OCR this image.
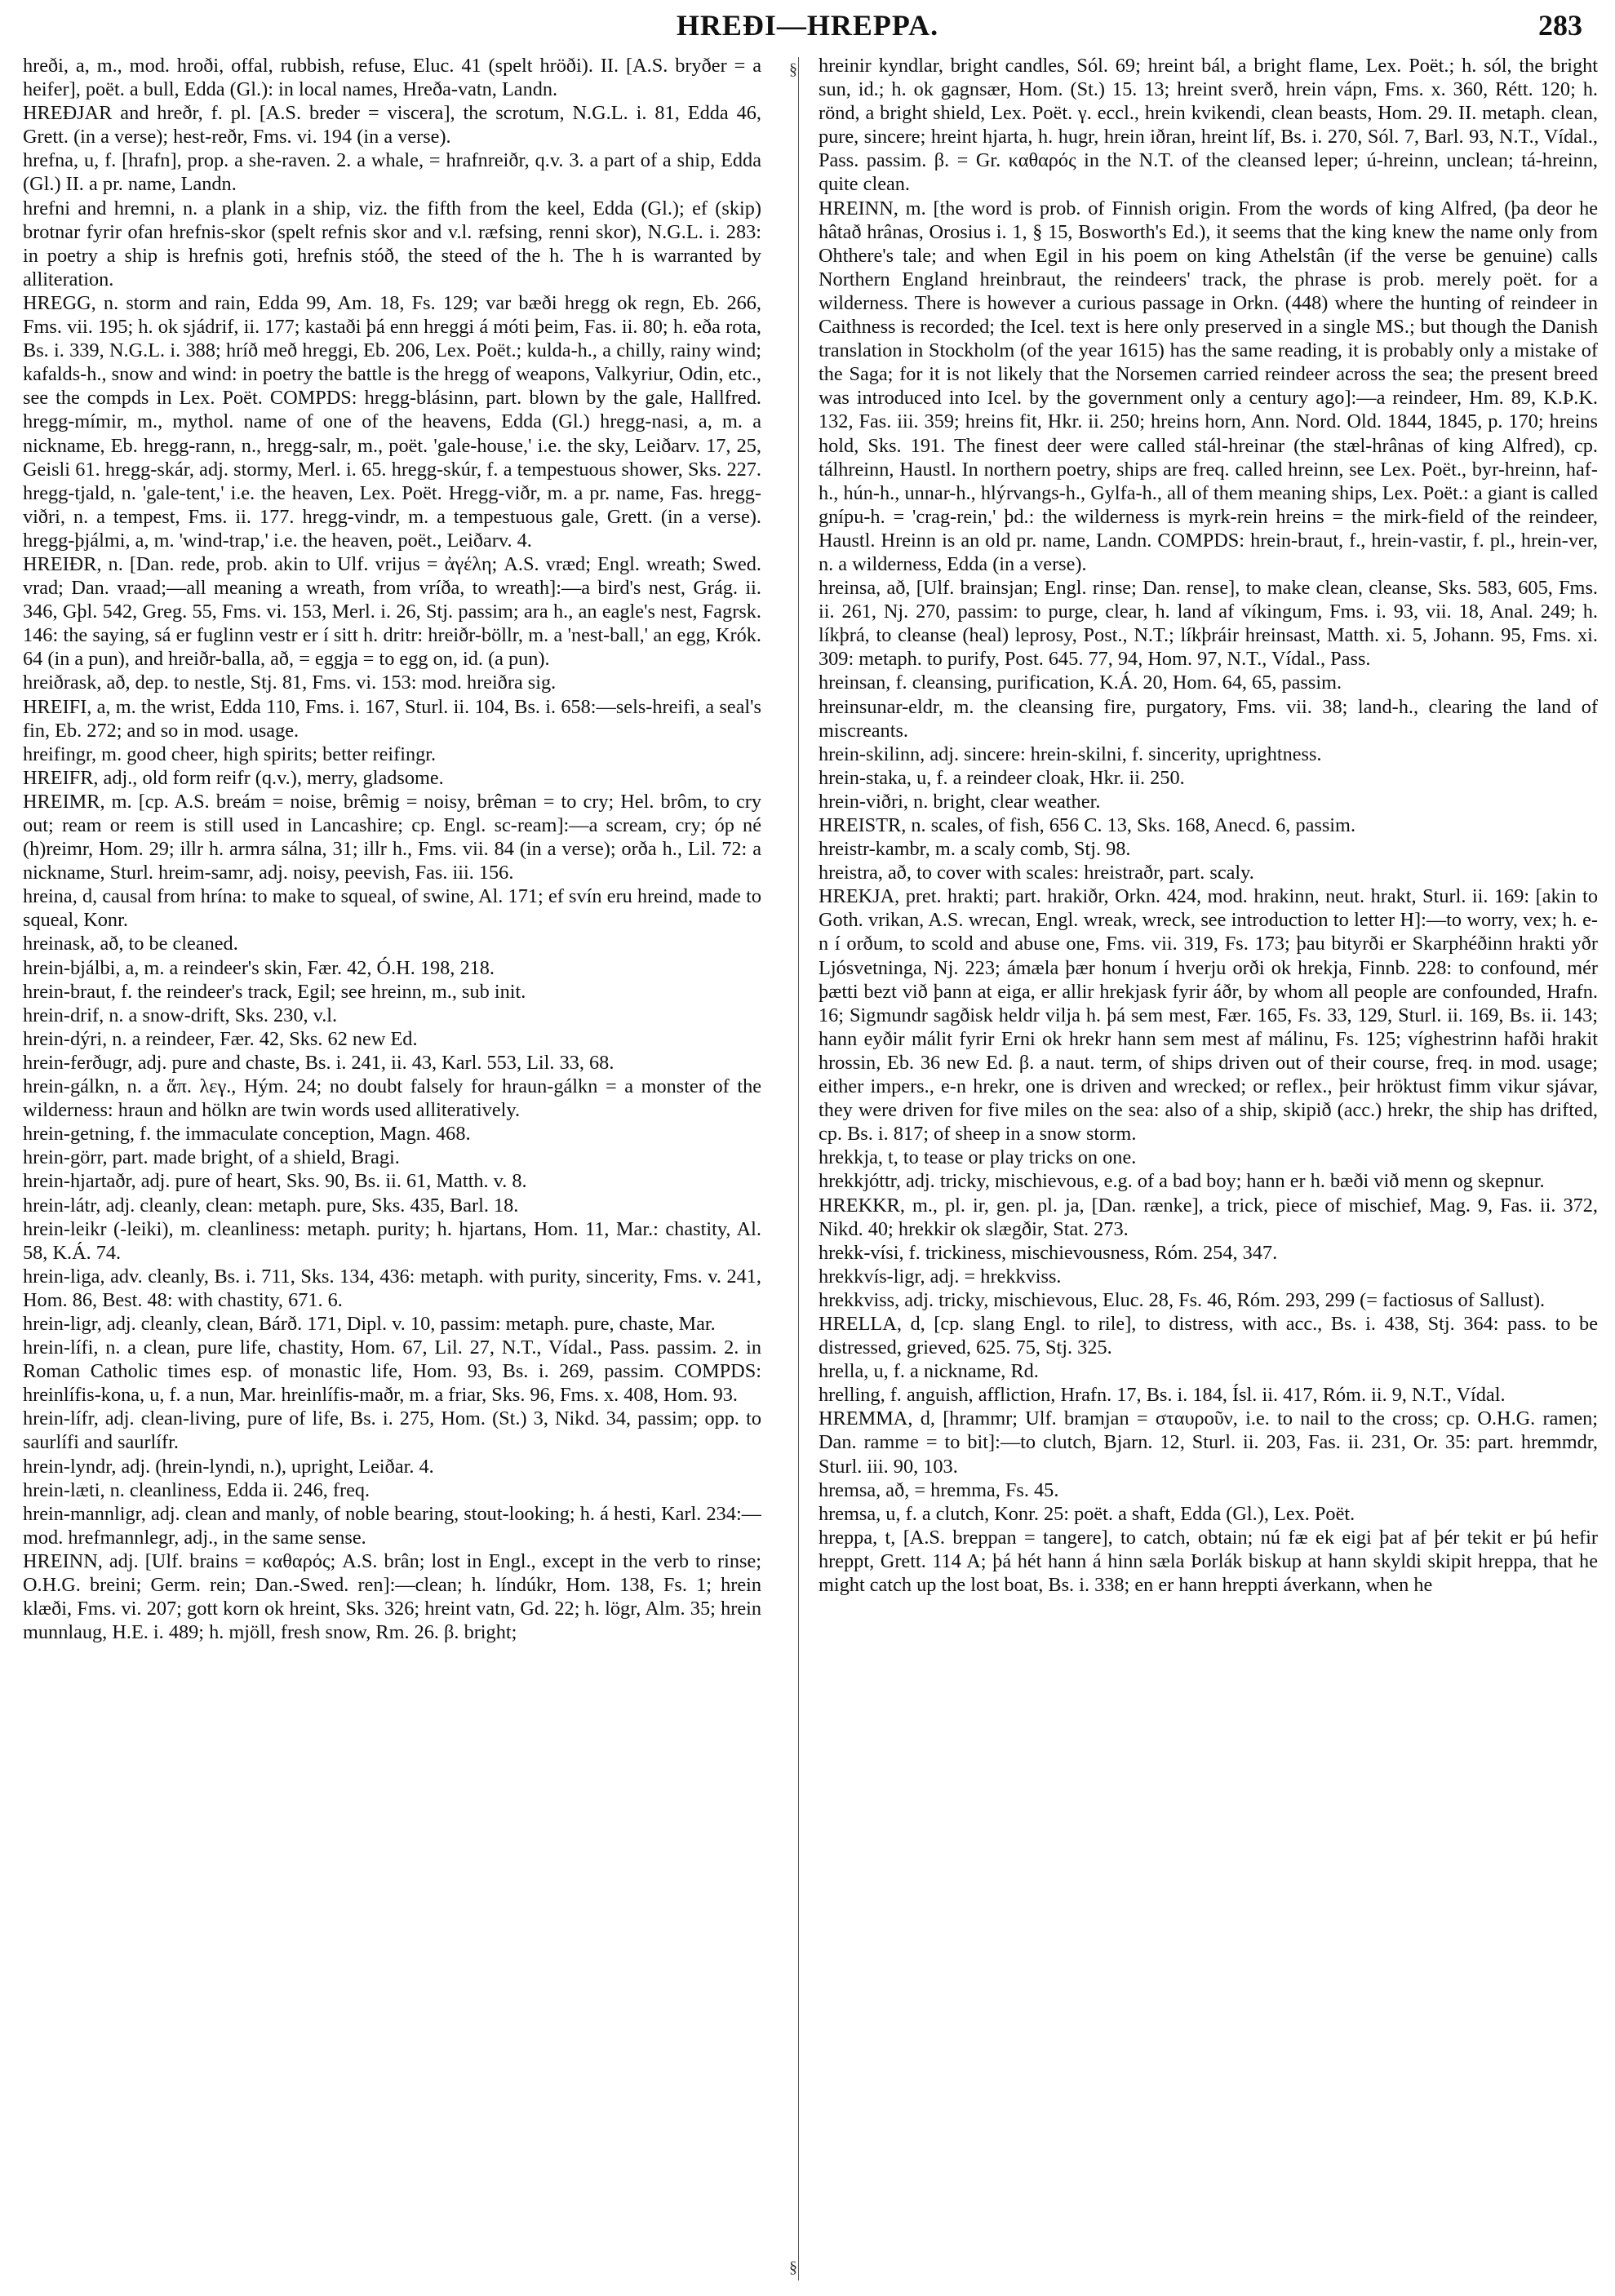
HREÐI—HREPPA.	283
§
§

hreði, a, m., mod. hroði, offal, rubbish, refuse, Eluc. 41 (spelt hröði). II. [A.S. bryðer = a heifer], poët. a bull, Edda (Gl.): in local names, Hreða-vatn, Landn.

HREÐJAR and hreðr, f. pl. [A.S. breder = viscera], the scrotum, N.G.L. i. 81, Edda 46, Grett. (in a verse); hest-reðr, Fms. vi. 194 (in a verse).

hrefna, u, f. [hrafn], prop. a she-raven. 2. a whale, = hrafnreiðr, q.v. 3. a part of a ship, Edda (Gl.) II. a pr. name, Landn.

hrefni and hremni, n. a plank in a ship, viz. the fifth from the keel, Edda (Gl.); ef (skip) brotnar fyrir ofan hrefnis-skor (spelt refnis skor and v.l. ræfsing, renni skor), N.G.L. i. 283: in poetry a ship is hrefnis goti, hrefnis stóð, the steed of the h. The h is warranted by alliteration.

HREGG, n. storm and rain, Edda 99, Am. 18, Fs. 129; var bæði hregg ok regn, Eb. 266, Fms. vii. 195; h. ok sjádrif, ii. 177; kastaði þá enn hreggi á móti þeim, Fas. ii. 80; h. eða rota, Bs. i. 339, N.G.L. i. 388; hríð með hreggi, Eb. 206, Lex. Poët.; kulda-h., a chilly, rainy wind; kafalds-h., snow and wind: in poetry the battle is the hregg of weapons, Valkyriur, Odin, etc., see the compds in Lex. Poët. COMPDS: hregg-blásinn, part. blown by the gale, Hallfred. hregg-mímir, m., mythol. name of one of the heavens, Edda (Gl.) hregg-nasi, a, m. a nickname, Eb. hregg-rann, n., hregg-salr, m., poët. 'gale-house,' i.e. the sky, Leiðarv. 17, 25, Geisli 61. hregg-skár, adj. stormy, Merl. i. 65. hregg-skúr, f. a tempestuous shower, Sks. 227. hregg-tjald, n. 'gale-tent,' i.e. the heaven, Lex. Poët. Hregg-viðr, m. a pr. name, Fas. hregg-viðri, n. a tempest, Fms. ii. 177. hregg-vindr, m. a tempestuous gale, Grett. (in a verse). hregg-þjálmi, a, m. 'wind-trap,' i.e. the heaven, poët., Leiðarv. 4.

HREIÐR, n. [Dan. rede, prob. akin to Ulf. vrijus = ἀγέλη; A.S. vræd; Engl. wreath; Swed. vrad; Dan. vraad;—all meaning a wreath, from vríða, to wreath]:—a bird's nest, Grág. ii. 346, Gþl. 542, Greg. 55, Fms. vi. 153, Merl. i. 26, Stj. passim; ara h., an eagle's nest, Fagrsk. 146: the saying, sá er fuglinn vestr er í sitt h. dritr: hreiðr-böllr, m. a 'nest-ball,' an egg, Krók. 64 (in a pun), and hreiðr-balla, að, = eggja = to egg on, id. (a pun).

hreiðrask, að, dep. to nestle, Stj. 81, Fms. vi. 153: mod. hreiðra sig.

HREIFI, a, m. the wrist, Edda 110, Fms. i. 167, Sturl. ii. 104, Bs. i. 658:—sels-hreifi, a seal's fin, Eb. 272; and so in mod. usage.

hreifingr, m. good cheer, high spirits; better reifingr.

HREIFR, adj., old form reifr (q.v.), merry, gladsome.

HREIMR, m. [cp. A.S. breám = noise, brêmig = noisy, brêman = to cry; Hel. brôm, to cry out; ream or reem is still used in Lancashire; cp. Engl. sc-ream]:—a scream, cry; óp né (h)reimr, Hom. 29; illr h. armra sálna, 31; illr h., Fms. vii. 84 (in a verse); orða h., Lil. 72: a nickname, Sturl. hreim-samr, adj. noisy, peevish, Fas. iii. 156.

hreina, d, causal from hrína: to make to squeal, of swine, Al. 171; ef svín eru hreind, made to squeal, Konr.

hreinask, að, to be cleaned.

hrein-bjálbi, a, m. a reindeer's skin, Fær. 42, Ó.H. 198, 218.

hrein-braut, f. the reindeer's track, Egil; see hreinn, m., sub init.

hrein-drif, n. a snow-drift, Sks. 230, v.l.

hrein-dýri, n. a reindeer, Fær. 42, Sks. 62 new Ed.

hrein-ferðugr, adj. pure and chaste, Bs. i. 241, ii. 43, Karl. 553, Lil. 33, 68.

hrein-gálkn, n. a ἅπ. λεγ., Hým. 24; no doubt falsely for hraun-gálkn = a monster of the wilderness: hraun and hölkn are twin words used alliteratively.

hrein-getning, f. the immaculate conception, Magn. 468.

hrein-görr, part. made bright, of a shield, Bragi.

hrein-hjartaðr, adj. pure of heart, Sks. 90, Bs. ii. 61, Matth. v. 8.

hrein-látr, adj. cleanly, clean: metaph. pure, Sks. 435, Barl. 18.

hrein-leikr (-leiki), m. cleanliness: metaph. purity; h. hjartans, Hom. 11, Mar.: chastity, Al. 58, K.Á. 74.

hrein-liga, adv. cleanly, Bs. i. 711, Sks. 134, 436: metaph. with purity, sincerity, Fms. v. 241, Hom. 86, Best. 48: with chastity, 671. 6.

hrein-ligr, adj. cleanly, clean, Bárð. 171, Dipl. v. 10, passim: metaph. pure, chaste, Mar.

hrein-lífi, n. a clean, pure life, chastity, Hom. 67, Lil. 27, N.T., Vídal., Pass. passim. 2. in Roman Catholic times esp. of monastic life, Hom. 93, Bs. i. 269, passim. COMPDS: hreinlífis-kona, u, f. a nun, Mar. hreinlífis-maðr, m. a friar, Sks. 96, Fms. x. 408, Hom. 93.

hrein-lífr, adj. clean-living, pure of life, Bs. i. 275, Hom. (St.) 3, Nikd. 34, passim; opp. to saurlífi and saurlífr.

hrein-lyndr, adj. (hrein-lyndi, n.), upright, Leiðar. 4.

hrein-læti, n. cleanliness, Edda ii. 246, freq.

hrein-mannligr, adj. clean and manly, of noble bearing, stout-looking; h. á hesti, Karl. 234:—mod. hrefmannlegr, adj., in the same sense.

HREINN, adj. [Ulf. brains = καθαρός; A.S. brân; lost in Engl., except in the verb to rinse; O.H.G. breini; Germ. rein; Dan.-Swed. ren]:—clean; h. líndúkr, Hom. 138, Fs. 1; hrein klæði, Fms. vi. 207; gott korn ok hreint, Sks. 326; hreint vatn, Gd. 22; h. lögr, Alm. 35; hrein munnlaug, H.E. i. 489; h. mjöll, fresh snow, Rm. 26. β. bright;

hreinir kyndlar, bright candles, Sól. 69; hreint bál, a bright flame, Lex. Poët.; h. sól, the bright sun, id.; h. ok gagnsær, Hom. (St.) 15. 13; hreint sverð, hrein vápn, Fms. x. 360, Rétt. 120; h. rönd, a bright shield, Lex. Poët. γ. eccl., hrein kvikendi, clean beasts, Hom. 29. II. metaph. clean, pure, sincere; hreint hjarta, h. hugr, hrein iðran, hreint líf, Bs. i. 270, Sól. 7, Barl. 93, N.T., Vídal., Pass. passim. β. = Gr. καθαρός in the N.T. of the cleansed leper; ú-hreinn, unclean; tá-hreinn, quite clean.

HREINN, m. [the word is prob. of Finnish origin. From the words of king Alfred, (þa deor he hâtað hrânas, Orosius i. 1, § 15, Bosworth's Ed.), it seems that the king knew the name only from Ohthere's tale; and when Egil in his poem on king Athelstân (if the verse be genuine) calls Northern England hreinbraut, the reindeers' track, the phrase is prob. merely poët. for a wilderness. There is however a curious passage in Orkn. (448) where the hunting of reindeer in Caithness is recorded; the Icel. text is here only preserved in a single MS.; but though the Danish translation in Stockholm (of the year 1615) has the same reading, it is probably only a mistake of the Saga; for it is not likely that the Norsemen carried reindeer across the sea; the present breed was introduced into Icel. by the government only a century ago]:—a reindeer, Hm. 89, K.Þ.K. 132, Fas. iii. 359; hreins fit, Hkr. ii. 250; hreins horn, Ann. Nord. Old. 1844, 1845, p. 170; hreins hold, Sks. 191. The finest deer were called stál-hreinar (the stæl-hrânas of king Alfred), cp. tálhreinn, Haustl. In northern poetry, ships are freq. called hreinn, see Lex. Poët., byr-hreinn, haf-h., hún-h., unnar-h., hlýrvangs-h., Gylfa-h., all of them meaning ships, Lex. Poët.: a giant is called gnípu-h. = 'crag-rein,' þd.: the wilderness is myrk-rein hreins = the mirk-field of the reindeer, Haustl. Hreinn is an old pr. name, Landn. COMPDS: hrein-braut, f., hrein-vastir, f. pl., hrein-ver, n. a wilderness, Edda (in a verse).

hreinsa, að, [Ulf. brainsjan; Engl. rinse; Dan. rense], to make clean, cleanse, Sks. 583, 605, Fms. ii. 261, Nj. 270, passim: to purge, clear, h. land af víkingum, Fms. i. 93, vii. 18, Anal. 249; h. líkþrá, to cleanse (heal) leprosy, Post., N.T.; líkþráir hreinsast, Matth. xi. 5, Johann. 95, Fms. xi. 309: metaph. to purify, Post. 645. 77, 94, Hom. 97, N.T., Vídal., Pass.

hreinsan, f. cleansing, purification, K.Á. 20, Hom. 64, 65, passim.

hreinsunar-eldr, m. the cleansing fire, purgatory, Fms. vii. 38; land-h., clearing the land of miscreants.

hrein-skilinn, adj. sincere: hrein-skilni, f. sincerity, uprightness.

hrein-staka, u, f. a reindeer cloak, Hkr. ii. 250.

hrein-viðri, n. bright, clear weather.

HREISTR, n. scales, of fish, 656 C. 13, Sks. 168, Anecd. 6, passim.

hreistr-kambr, m. a scaly comb, Stj. 98.

hreistra, að, to cover with scales: hreistraðr, part. scaly.

HREKJA, pret. hrakti; part. hrakiðr, Orkn. 424, mod. hrakinn, neut. hrakt, Sturl. ii. 169: [akin to Goth. vrikan, A.S. wrecan, Engl. wreak, wreck, see introduction to letter H]:—to worry, vex; h. e-n í orðum, to scold and abuse one, Fms. vii. 319, Fs. 173; þau bityrði er Skarphéðinn hrakti yðr Ljósvetninga, Nj. 223; ámæla þær honum í hverju orði ok hrekja, Finnb. 228: to confound, mér þætti bezt við þann at eiga, er allir hrekjask fyrir áðr, by whom all people are confounded, Hrafn. 16; Sigmundr sagðisk heldr vilja h. þá sem mest, Fær. 165, Fs. 33, 129, Sturl. ii. 169, Bs. ii. 143; hann eyðir málit fyrir Erni ok hrekr hann sem mest af málinu, Fs. 125; víghestrinn hafði hrakit hrossin, Eb. 36 new Ed. β. a naut. term, of ships driven out of their course, freq. in mod. usage; either impers., e-n hrekr, one is driven and wrecked; or reflex., þeir hröktust fimm vikur sjávar, they were driven for five miles on the sea: also of a ship, skipið (acc.) hrekr, the ship has drifted, cp. Bs. i. 817; of sheep in a snow storm.

hrekkja, t, to tease or play tricks on one.

hrekkjóttr, adj. tricky, mischievous, e.g. of a bad boy; hann er h. bæði við menn og skepnur.

HREKKR, m., pl. ir, gen. pl. ja, [Dan. rænke], a trick, piece of mischief, Mag. 9, Fas. ii. 372, Nikd. 40; hrekkir ok slægðir, Stat. 273.

hrekk-vísi, f. trickiness, mischievousness, Róm. 254, 347.

hrekkvís-ligr, adj. = hrekkviss.

hrekkviss, adj. tricky, mischievous, Eluc. 28, Fs. 46, Róm. 293, 299 (= factiosus of Sallust).

HRELLA, d, [cp. slang Engl. to rile], to distress, with acc., Bs. i. 438, Stj. 364: pass. to be distressed, grieved, 625. 75, Stj. 325.

hrella, u, f. a nickname, Rd.

hrelling, f. anguish, affliction, Hrafn. 17, Bs. i. 184, Ísl. ii. 417, Róm. ii. 9, N.T., Vídal.

HREMMA, d, [hrammr; Ulf. bramjan = σταυροῦν, i.e. to nail to the cross; cp. O.H.G. ramen; Dan. ramme = to bit]:—to clutch, Bjarn. 12, Sturl. ii. 203, Fas. ii. 231, Or. 35: part. hremmdr, Sturl. iii. 90, 103.

hremsa, að, = hremma, Fs. 45.

hremsa, u, f. a clutch, Konr. 25: poët. a shaft, Edda (Gl.), Lex. Poët.

hreppa, t, [A.S. breppan = tangere], to catch, obtain; nú fæ ek eigi þat af þér tekit er þú hefir hreppt, Grett. 114 A; þá hét hann á hinn sæla Þorlák biskup at hann skyldi skipit hreppa, that he might catch up the lost boat, Bs. i. 338; en er hann hreppti áverkann, when he
